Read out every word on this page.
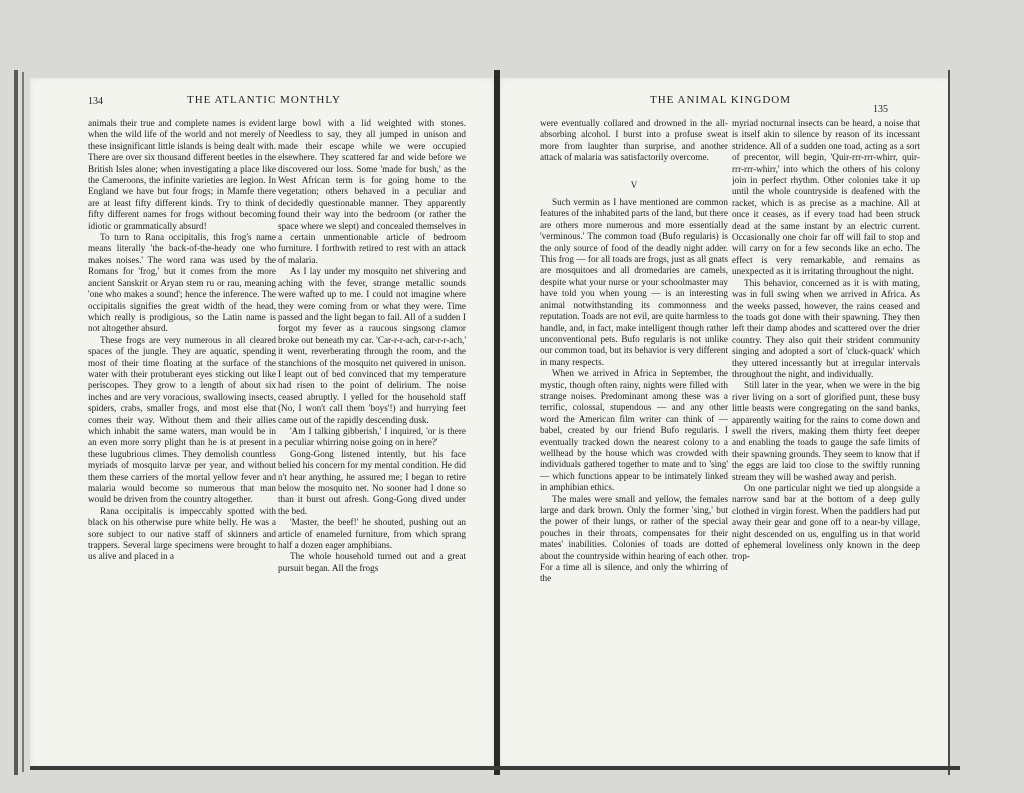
134	THE ATLANTIC MONTHLY

animals their true and complete names is evident when the wild life of the world and not merely of these insignificant little islands is being dealt with. There are over six thousand different beetles in the British Isles alone; when investigating a place like the Cameroons, the infinite varieties are legion. In England we have but four frogs; in Mamfe there are at least fifty different kinds. Try to think of fifty different names for frogs without becoming idiotic or grammatically absurd!

To turn to Rana occipitalis, this frog's name means literally 'the back-of-the-heady one who makes noises.' The word rana was used by the Romans for 'frog,' but it comes from the more ancient Sanskrit or Aryan stem ru or rau, meaning 'one who makes a sound'; hence the inference. The occipitalis signifies the great width of the head, which really is prodigious, so the Latin name is not altogether absurd.

These frogs are very numerous in all cleared spaces of the jungle. They are aquatic, spending most of their time floating at the surface of the water with their protuberant eyes sticking out like periscopes. They grow to a length of about six inches and are very voracious, swallowing insects, spiders, crabs, smaller frogs, and most else that comes their way. Without them and their allies which inhabit the same waters, man would be in an even more sorry plight than he is at present in these lugubrious climes. They demolish countless myriads of mosquito larvæ per year, and without them these carriers of the mortal yellow fever and malaria would become so numerous that man would be driven from the country altogether.

Rana occipitalis is impeccably spotted with black on his otherwise pure white belly. He was a sore subject to our native staff of skinners and trappers. Several large specimens were brought to us alive and placed in a

large bowl with a lid weighted with stones. Needless to say, they all jumped in unison and made their escape while we were occupied elsewhere. They scattered far and wide before we discovered our loss. Some 'made for bush,' as the West African term is for going home to the vegetation; others behaved in a peculiar and decidedly questionable manner. They apparently found their way into the bedroom (or rather the space where we slept) and concealed themselves in a certain unmentionable article of bedroom furniture. I forthwith retired to rest with an attack of malaria.

As I lay under my mosquito net shivering and aching with the fever, strange metallic sounds were wafted up to me. I could not imagine where they were coming from or what they were. Time passed and the light began to fail. All of a sudden I forgot my fever as a raucous singsong clamor broke out beneath my car. 'Car-r-r-ach, car-r-r-ach,' it went, reverberating through the room, and the stanchions of the mosquito net quivered in unison. I leapt out of bed convinced that my temperature had risen to the point of delirium. The noise ceased abruptly. I yelled for the household staff (No, I won't call them 'boys'!) and hurrying feet came out of the rapidly descending dusk.

'Am I talking gibberish,' I inquired, 'or is there a peculiar whirring noise going on in here?'

Gong-Gong listened intently, but his face belied his concern for my mental condition. He did n't hear anything, he assured me; I began to retire below the mosquito net. No sooner had I done so than it burst out afresh. Gong-Gong dived under the bed.

'Master, the beef!' he shouted, pushing out an article of enameled furniture, from which sprang half a dozen eager amphibians.

The whole household turned out and a great pursuit began. All the frogs

THE ANIMAL KINGDOM
135

were eventually collared and drowned in the all-absorbing alcohol. I burst into a profuse sweat more from laughter than surprise, and another attack of malaria was satisfactorily overcome.

V

Such vermin as I have mentioned are common features of the inhabited parts of the land, but there are others more numerous and more essentially 'verminous.' The common toad (Bufo regularis) is the only source of food of the deadly night adder. This frog — for all toads are frogs, just as all gnats are mosquitoes and all dromedaries are camels, despite what your nurse or your schoolmaster may have told you when young — is an interesting animal notwithstanding its commonness and reputation. Toads are not evil, are quite harmless to handle, and, in fact, make intelligent though rather unconventional pets. Bufo regularis is not unlike our common toad, but its behavior is very different in many respects.

When we arrived in Africa in September, the mystic, though often rainy, nights were filled with strange noises. Predominant among these was a terrific, colossal, stupendous — and any other word the American film writer can think of — babel, created by our friend Bufo regularis. I eventually tracked down the nearest colony to a wellhead by the house which was crowded with individuals gathered together to mate and to 'sing' — which functions appear to be intimately linked in amphibian ethics.

The males were small and yellow, the females large and dark brown. Only the former 'sing,' but the power of their lungs, or rather of the special pouches in their throats, compensates for their mates' inabilities. Colonies of toads are dotted about the countryside within hearing of each other. For a time all is silence, and only the whirring of the

myriad nocturnal insects can be heard, a noise that is itself akin to silence by reason of its incessant stridence. All of a sudden one toad, acting as a sort of precentor, will begin, 'Quir-rrr-rrr-whirr, quir-rrr-rrr-whirr,' into which the others of his colony join in perfect rhythm. Other colonies take it up until the whole countryside is deafened with the racket, which is as precise as a machine. All at once it ceases, as if every toad had been struck dead at the same instant by an electric current. Occasionally one choir far off will fail to stop and will carry on for a few seconds like an echo. The effect is very remarkable, and remains as unexpected as it is irritating throughout the night.

This behavior, concerned as it is with mating, was in full swing when we arrived in Africa. As the weeks passed, however, the rains ceased and the toads got done with their spawning. They then left their damp abodes and scattered over the drier country. They also quit their strident community singing and adopted a sort of 'cluck-quack' which they uttered incessantly but at irregular intervals throughout the night, and individually.

Still later in the year, when we were in the big river living on a sort of glorified punt, these busy little beasts were congregating on the sand banks, apparently waiting for the rains to come down and swell the rivers, making them thirty feet deeper and enabling the toads to gauge the safe limits of their spawning grounds. They seem to know that if the eggs are laid too close to the swiftly running stream they will be washed away and perish.

On one particular night we tied up alongside a narrow sand bar at the bottom of a deep gully clothed in virgin forest. When the paddlers had put away their gear and gone off to a near-by village, night descended on us, engulfing us in that world of ephemeral loveliness only known in the deep trop-
